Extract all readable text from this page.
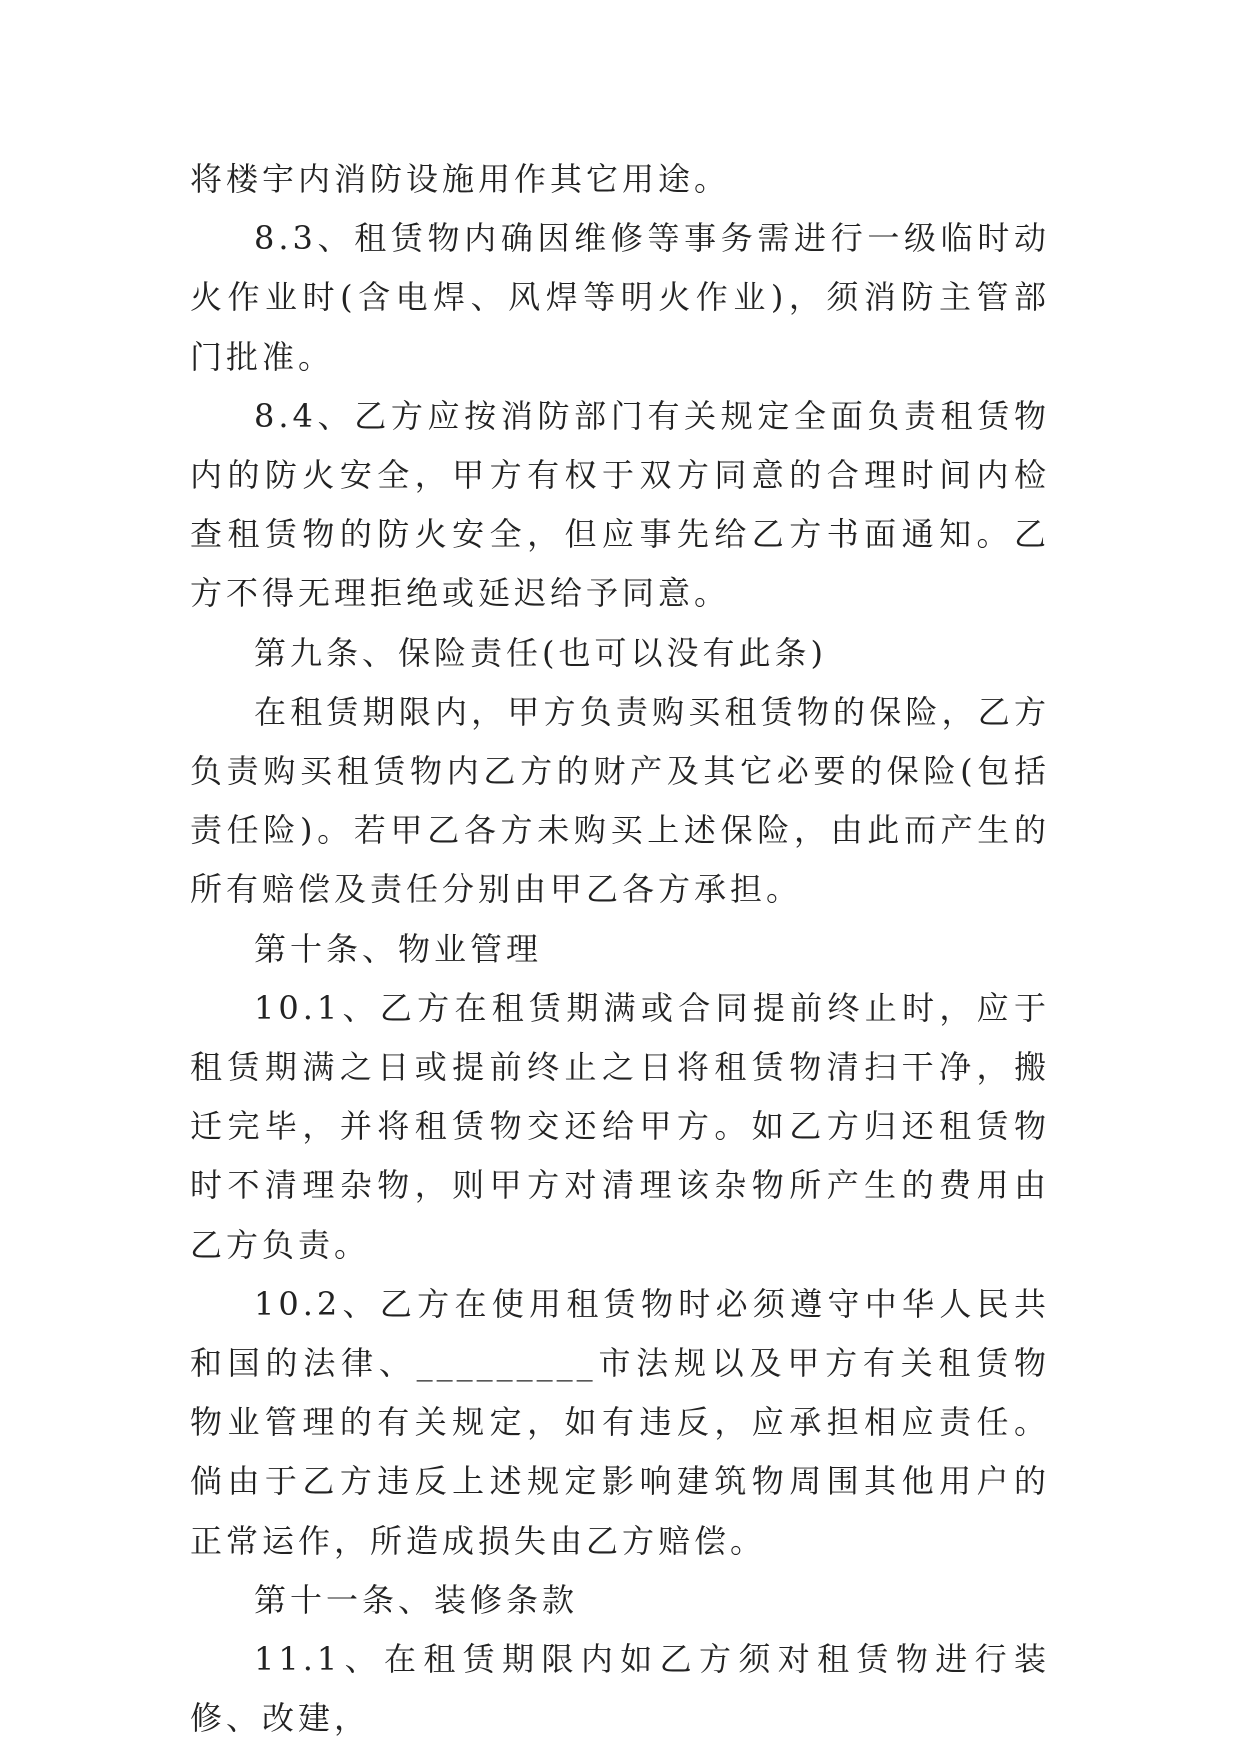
将楼宇内消防设施用作其它用途。

8.3、租赁物内确因维修等事务需进行一级临时动火作业时(含电焊、风焊等明火作业)，须消防主管部门批准。

8.4、乙方应按消防部门有关规定全面负责租赁物内的防火安全，甲方有权于双方同意的合理时间内检查租赁物的防火安全，但应事先给乙方书面通知。乙方不得无理拒绝或延迟给予同意。

第九条、保险责任(也可以没有此条)

在租赁期限内，甲方负责购买租赁物的保险，乙方负责购买租赁物内乙方的财产及其它必要的保险(包括责任险)。若甲乙各方未购买上述保险，由此而产生的所有赔偿及责任分别由甲乙各方承担。

第十条、物业管理

10.1、乙方在租赁期满或合同提前终止时，应于租赁期满之日或提前终止之日将租赁物清扫干净，搬迁完毕，并将租赁物交还给甲方。如乙方归还租赁物时不清理杂物，则甲方对清理该杂物所产生的费用由乙方负责。

10.2、乙方在使用租赁物时必须遵守中华人民共和国的法律、_________市法规以及甲方有关租赁物物业管理的有关规定，如有违反，应承担相应责任。倘由于乙方违反上述规定影响建筑物周围其他用户的正常运作，所造成损失由乙方赔偿。

第十一条、装修条款

11.1、在租赁期限内如乙方须对租赁物进行装修、改建，
